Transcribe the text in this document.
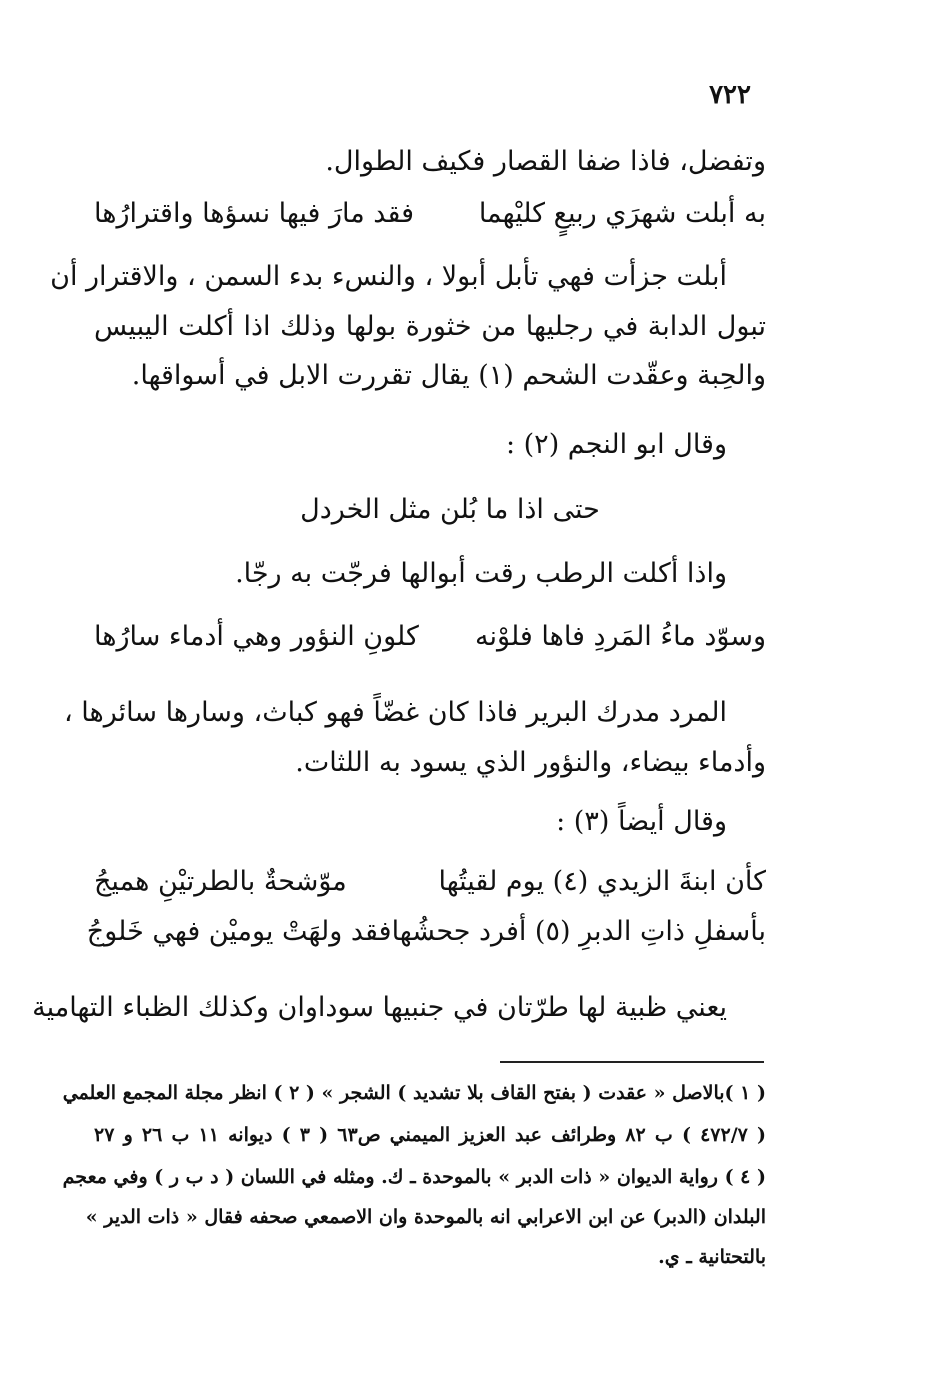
٧٢٢
وتفضل، فاذا ضفا القصار فكيف الطوال.
به أبلت شهرَي ربيعٍ كليْهما
فقد مارَ فيها نسؤها واقترارُها
أبلت جزأت فهي تأبل أبولا ، والنسء بدء السمن ، والاقترار أن
تبول الدابة في رجليها من خثورة بولها وذلك اذا أكلت اليبيس
والحِبة وعقّدت الشحم (١) يقال تقررت الابل في أسواقها.
وقال ابو النجم (٢) :
حتى اذا ما بُلن مثل الخردل
واذا أكلت الرطب رقت أبوالها فرجّت به رجّا.
وسوّد ماءُ المَردِ فاها فلوْنه
كلونِ النؤور وهي أدماء سارُها
المرد مدرك البرير فاذا كان غضّاً فهو كباث، وسارها سائرها ،
وأدماء بيضاء، والنؤور الذي يسود به اللثات.
وقال أيضاً (٣) :
كأن ابنةَ الزيدي (٤) يوم لقيتُها
موّشحةٌ بالطرتيْنِ هميجُ
بأسفلِ ذاتِ الدبرِ (٥) أفرد جحشُها
فقد ولهَتْ يوميْن فهي خَلوجُ
يعني ظبية لها طرّتان في جنبيها سوداوان وكذلك الظباء التهامية
( ١ )بالاصل « عقدت ( بفتح القاف بلا تشديد ) الشجر » ( ٢ ) انظر مجلة المجمع العلمي
( ٤٧٢/٧ ) ب ٨٢ وطرائف عبد العزيز الميمني ص٦٣ ( ٣ ) ديوانه ١١ ب ٢٦ و ٢٧
( ٤ ) رواية الديوان « ذات الدبر » بالموحدة ـ ك. ومثله في اللسان ( د ب ر ) وفي معجم
البلدان (الدبر) عن ابن الاعرابي انه بالموحدة وان الاصمعي صحفه فقال « ذات الدير »
بالتحتانية ـ ي.
